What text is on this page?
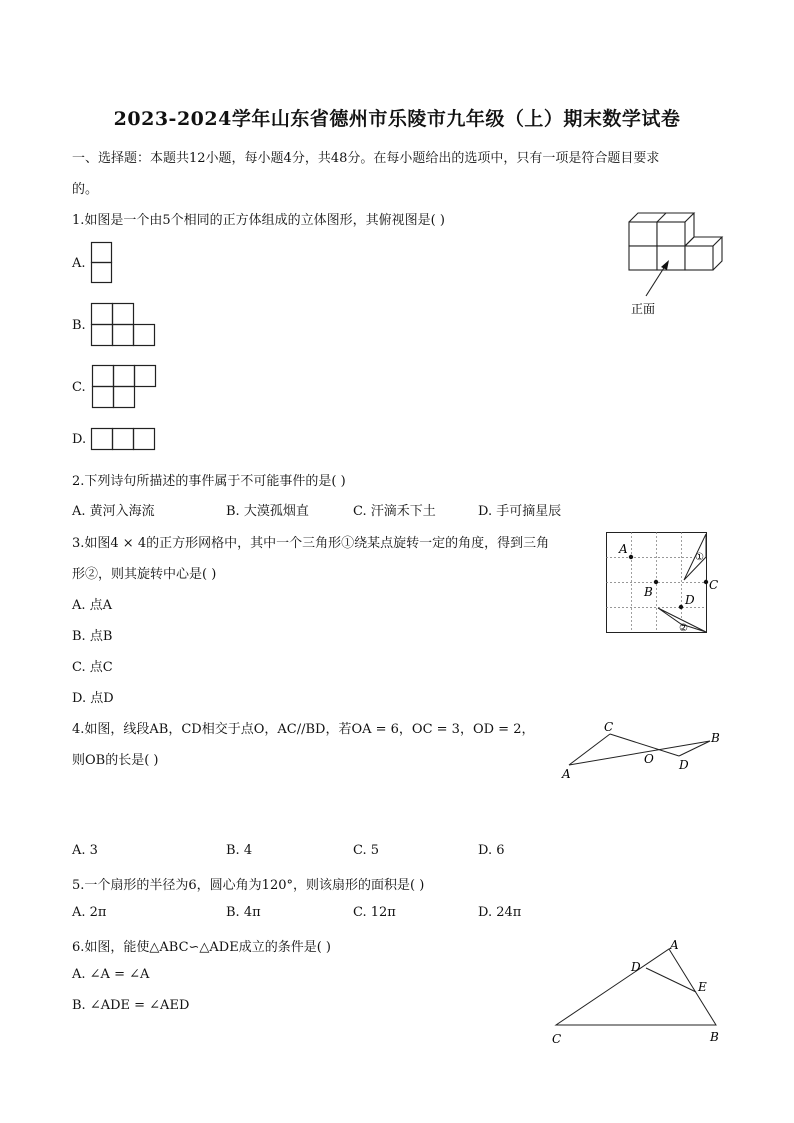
2023-2024学年山东省德州市乐陵市九年级（上）期末数学试卷
一、选择题：本题共12小题，每小题4分，共48分。在每小题给出的选项中，只有一项是符合题目要求
的。
1.如图是一个由5个相同的正方体组成的立体图形，其俯视图是( )
A.
B.
C.
D.
正面
2.下列诗句所描述的事件属于不可能事件的是( )
A. 黄河入海流	B. 大漠孤烟直	C. 汗滴禾下土	D. 手可摘星辰
3.如图4 × 4的正方形网格中，其中一个三角形①绕某点旋转一定的角度，得到三角
形②，则其旋转中心是( )
A. 点A
B. 点B
C. 点C
D. 点D
A
B	C
D
①
②
4.如图，线段AB，CD相交于点O，AC//BD，若OA = 6，OC = 3，OD = 2，
则OB的长是( )
C
B
O D
A
A. 3	B. 4	C. 5	D. 6
5.一个扇形的半径为6，圆心角为120°，则该扇形的面积是( )
A. 2π	B. 4π	C. 12π	D. 24π
6.如图，能使△ABC∽△ADE成立的条件是( )
A. ∠A = ∠A
B. ∠ADE = ∠AED
A
D
E
C	B
